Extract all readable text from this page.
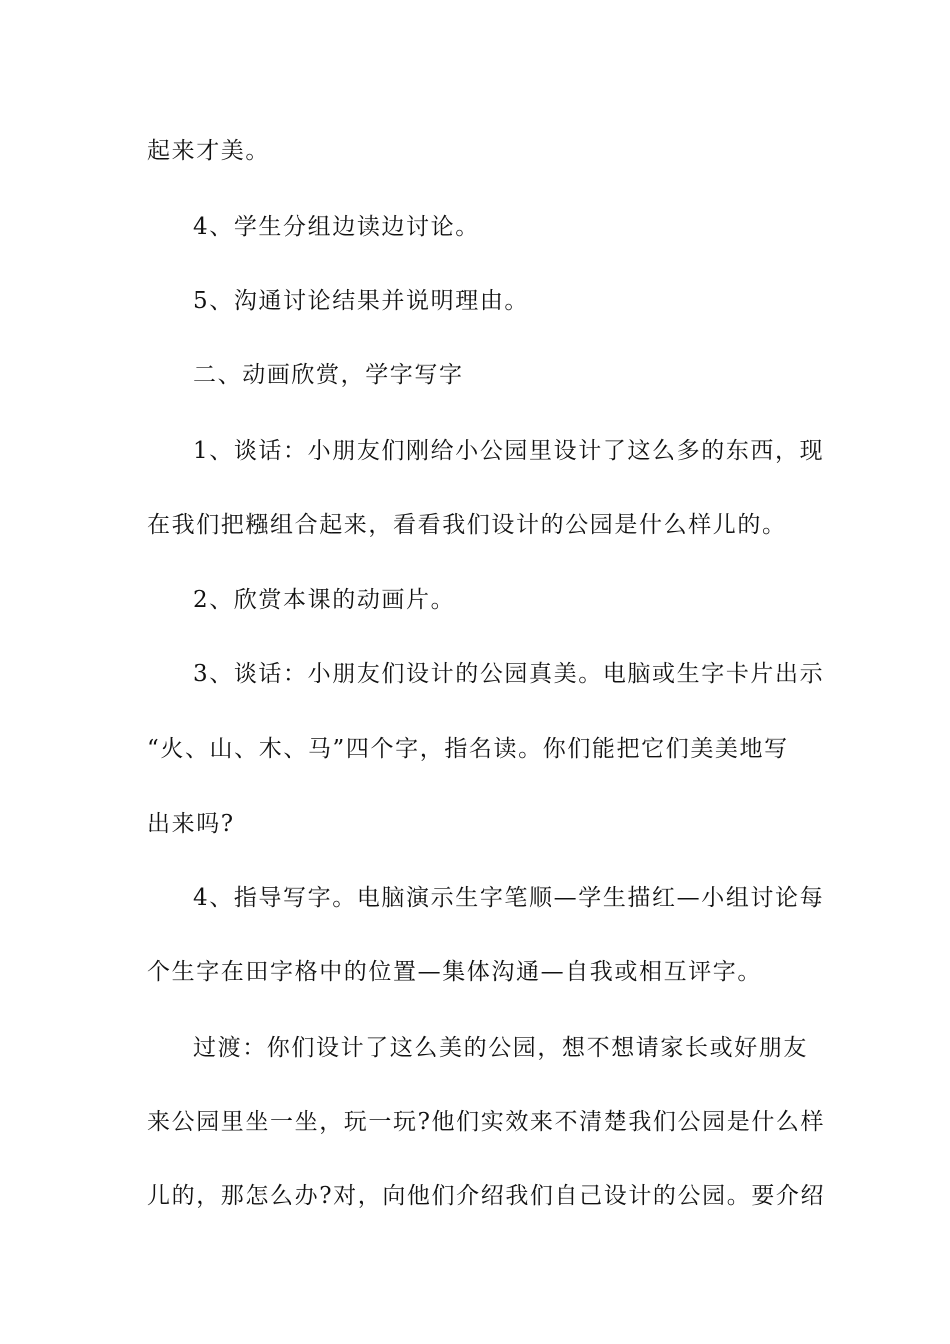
起来才美。
4、学生分组边读边讨论。
5、沟通讨论结果并说明理由。
二、动画欣赏，学字写字
1、谈话：小朋友们刚给小公园里设计了这么多的东西，现
在我们把糨组合起来，看看我们设计的公园是什么样儿的。
2、欣赏本课的动画片。
3、谈话：小朋友们设计的公园真美。电脑或生字卡片出示
“火、山、木、马”四个字，指名读。你们能把它们美美地写
出来吗?
4、指导写字。电脑演示生字笔顺—学生描红—小组讨论每
个生字在田字格中的位置—集体沟通—自我或相互评字。
过渡：你们设计了这么美的公园，想不想请家长或好朋友
来公园里坐一坐，玩一玩?他们实效来不清楚我们公园是什么样
儿的，那怎么办?对，向他们介绍我们自己设计的公园。要介绍
